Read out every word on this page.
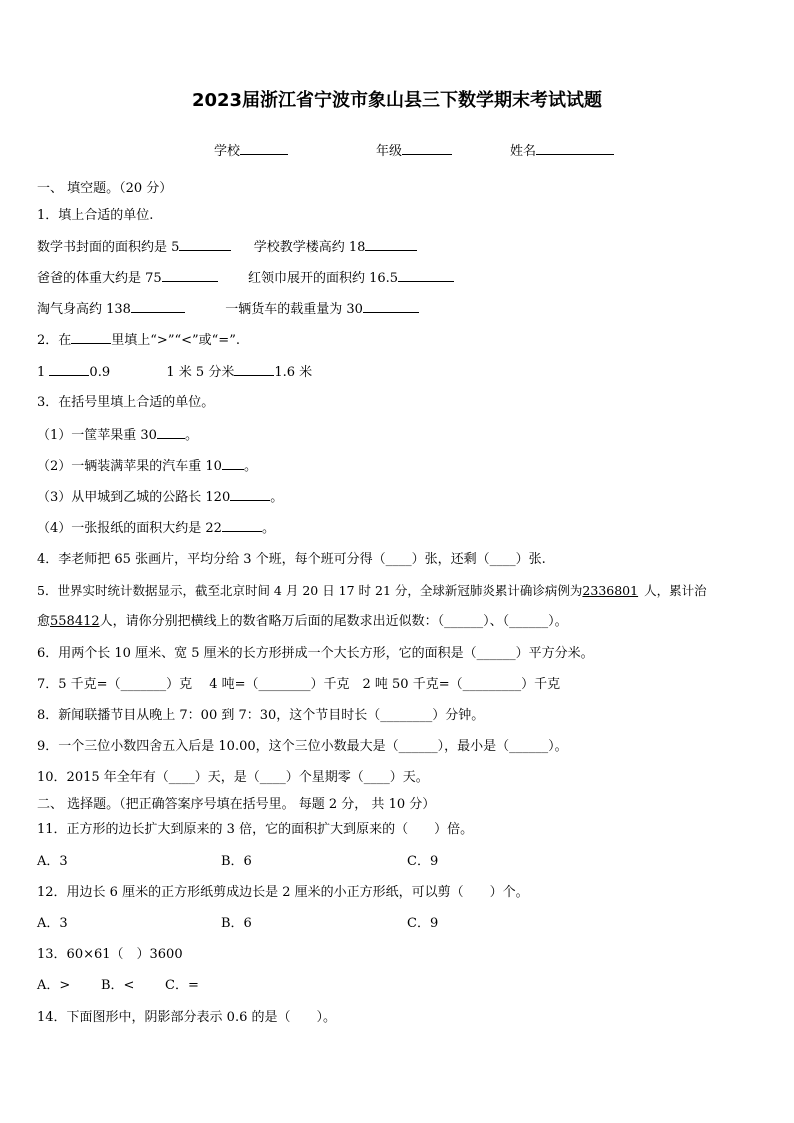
2023届浙江省宁波市象山县三下数学期末考试试题
学校	年级	姓名
一、 填空题。（20 分）
1．填上合适的单位.
数学书封面的面积约是 5	学校教学楼高约 18
爸爸的体重大约是 75	红领巾展开的面积约 16.5
淘气身高约 138	一辆货车的载重量为 30
2．在	里填上“>”“<”或“=”.
1	0.9	1 米 5 分米	1.6 米
3．在括号里填上合适的单位。
（1）一筐苹果重 30 。
（2）一辆装满苹果的汽车重 10 。
（3）从甲城到乙城的公路长 120	。
（4）一张报纸的面积大约是 22	。
4．李老师把 65 张画片，平均分给 3 个班，每个班可分得（____）张，还剩（____）张.
5．世界实时统计数据显示，截至北京时间 4 月 20 日 17 时 21 分，全球新冠肺炎累计确诊病例为2336801 人，累计治
愈558412人，请你分别把横线上的数省略万后面的尾数求出近似数：（______）、（______）。
6．用两个长 10 厘米、宽 5 厘米的长方形拼成一个大长方形，它的面积是（______）平方分米。
7．5 千克=（_______）克　 4 吨=（________）千克　2 吨 50 千克=（_________）千克
8．新闻联播节目从晚上 7：00 到 7：30，这个节目时长（________）分钟。
9．一个三位小数四舍五入后是 10.00，这个三位小数最大是（______），最小是（______）。
10．2015 年全年有（____）天，是（____）个星期零（____）天。
二、 选择题。（把正确答案序号填在括号里。 每题 2 分， 共 10 分）
11．正方形的边长扩大到原来的 3 倍，它的面积扩大到原来的（　　）倍。
A．3	B．6	C．9
12．用边长 6 厘米的正方形纸剪成边长是 2 厘米的小正方形纸，可以剪（　　）个。
A．3	B．6	C．9
13．60×61（　）3600
A．> B．< C．=
14．下面图形中，阴影部分表示 0.6 的是（　　）。
